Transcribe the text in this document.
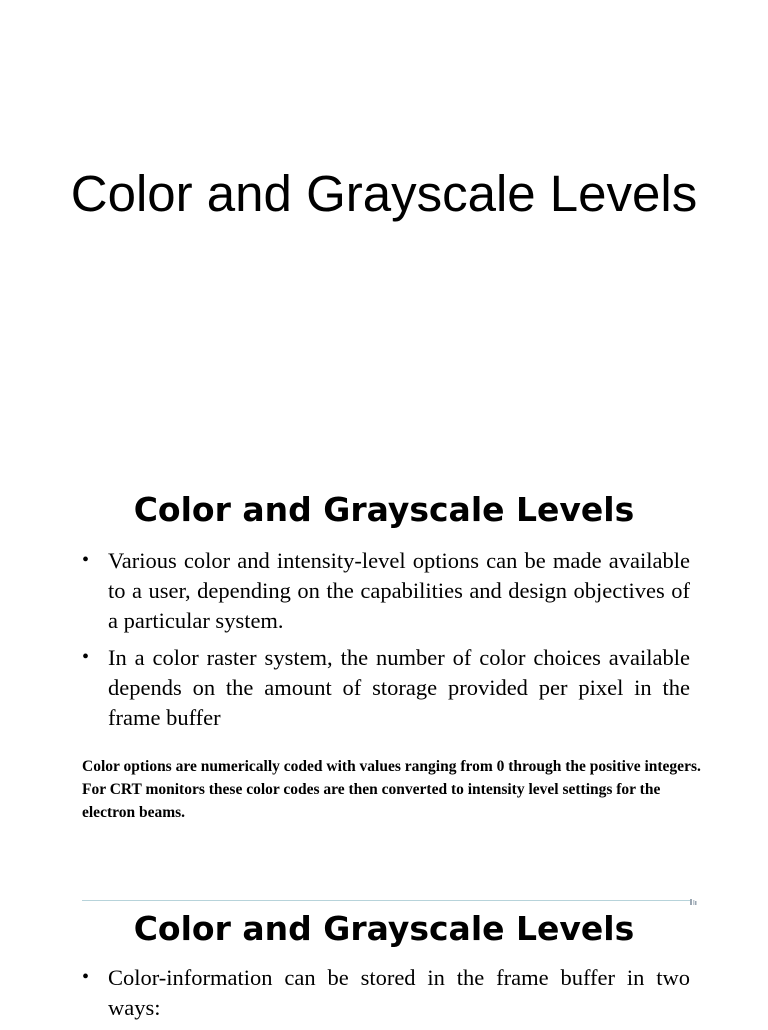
Color and Grayscale Levels
Color and Grayscale Levels
• Various color and intensity-level options can be made available to a user, depending on the capabilities and design objectives of a particular system.
• In a color raster system, the number of color choices available depends on the amount of storage provided per pixel in the frame buffer

Color options are numerically coded with values ranging from 0 through the positive integers. For CRT monitors these color codes are then converted to intensity level settings for the electron beams.

Color and Grayscale Levels
• Color-information can be stored in the frame buffer in two ways:
